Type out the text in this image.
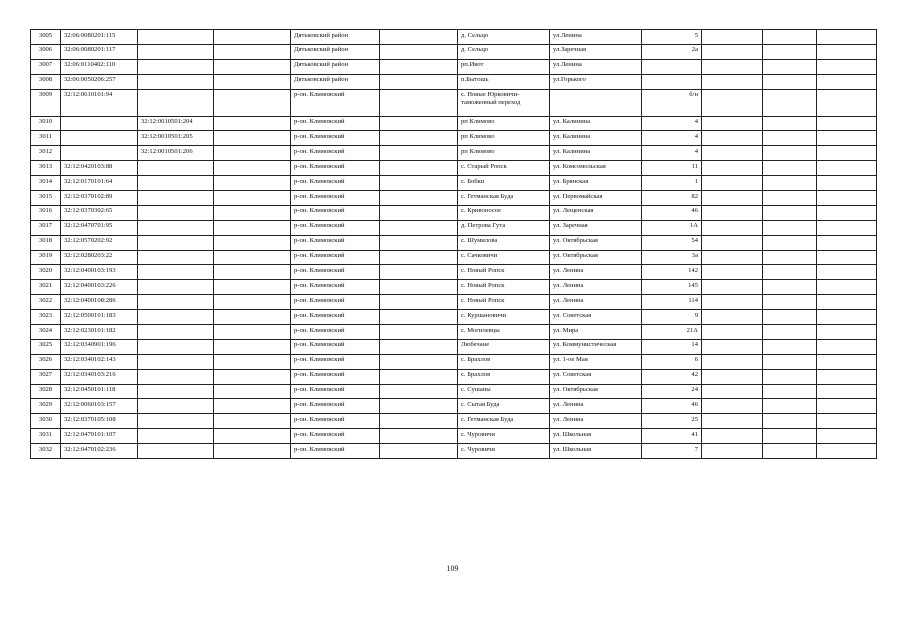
3005	32:06:0080201:115			Дятьковский район		д. Сельцо	ул.Ленина	5			
3006	32:06:0080201:117			Дятьковский район		д. Сельцо	ул.Заречная	2а			
3007	32:06:0110402:110			Дятьковский район		рп.Ивот	ул.Ленина				
3008	32:06:0050206:257			Дятьковский район		п.Бытошь	ул.Горького				
3009	32:12:0610101:94			р-он. Климовский		с. Новые Юрковичи-таможенный переход		б/н			
3010		32:12:0010501:204		р-он. Климовский		рп Климово	ул. Калинина	4			
3011		32:12:0010501:205		р-он. Климовский		рп Климово	ул. Калинина	4			
3012		32:12:0010501:206		р-он. Климовский		рп Климово	ул. Калинина	4			
3013	32:12:0420103:88			р-он. Климовский		с. Старый Ропск	ул. Комсомольская	11			
3014	32:12:0170101:64			р-он. Климовский		с. Бобки	ул. Брянская	1			
3015	32:12:0370102:89			р-он. Климовский		с. Гетманская Буда	ул. Первомайская	82			
3016	32:12:0370302:65			р-он. Климовский		с. Кривоносое	ул. Лещенская	46			
3017	32:12:0470701:95			р-он. Климовский		д. Петрова Гута	ул. Заречная	1А			
3018	32:12:0570202:92			р-он. Климовский		с. Шумилова	ул. Октябрьская	54			
3019	32:12:0280203:22			р-он. Климовский		с. Сачковичи	ул. Октябрьская	3а			
3020	32:12:0400103:193			р-он. Климовский		с. Новый Ропск	ул. Ленина	142			
3021	32:12:0400103:226			р-он. Климовский		с. Новый Ропск	ул. Ленина	145			
3022	32:12:0400108:286			р-он. Климовский		с. Новый Ропск	ул. Ленина	114			
3023	32:12:0500101:183			р-он. Климовский		с. Куршановичи	ул. Советская	9			
3024	32:12:0230101:182			р-он. Климовский		с. Могилевцы	ул. Мира	21А			
3025	32:12:0340901:196			р-он. Климовский		Любечане	ул. Коммунистическая	14			
3026	32:12:0340102:143			р-он. Климовский		с. Брахлов	ул. 1-ое Мая	6			
3027	32:12:0340103:216			р-он. Климовский		с. Брахлов	ул. Советская	42			
3028	32:12:0450101:118			р-он. Климовский		с. Сушаны	ул. Октябрьская	24			
3029	32:12:0060103:157			р-он. Климовский		с. Сытая Буда	ул. Ленина	46			
3030	32:12:0370105:108			р-он. Климовский		с. Гетманская Буда	ул. Ленина	25			
3031	32:12:0470101:107			р-он. Климовский		с. Чуровичи	ул. Школьная	41			
3032	32:12:0470102:236			р-он. Климовский		с. Чуровичи	ул. Школьная	7			
109
